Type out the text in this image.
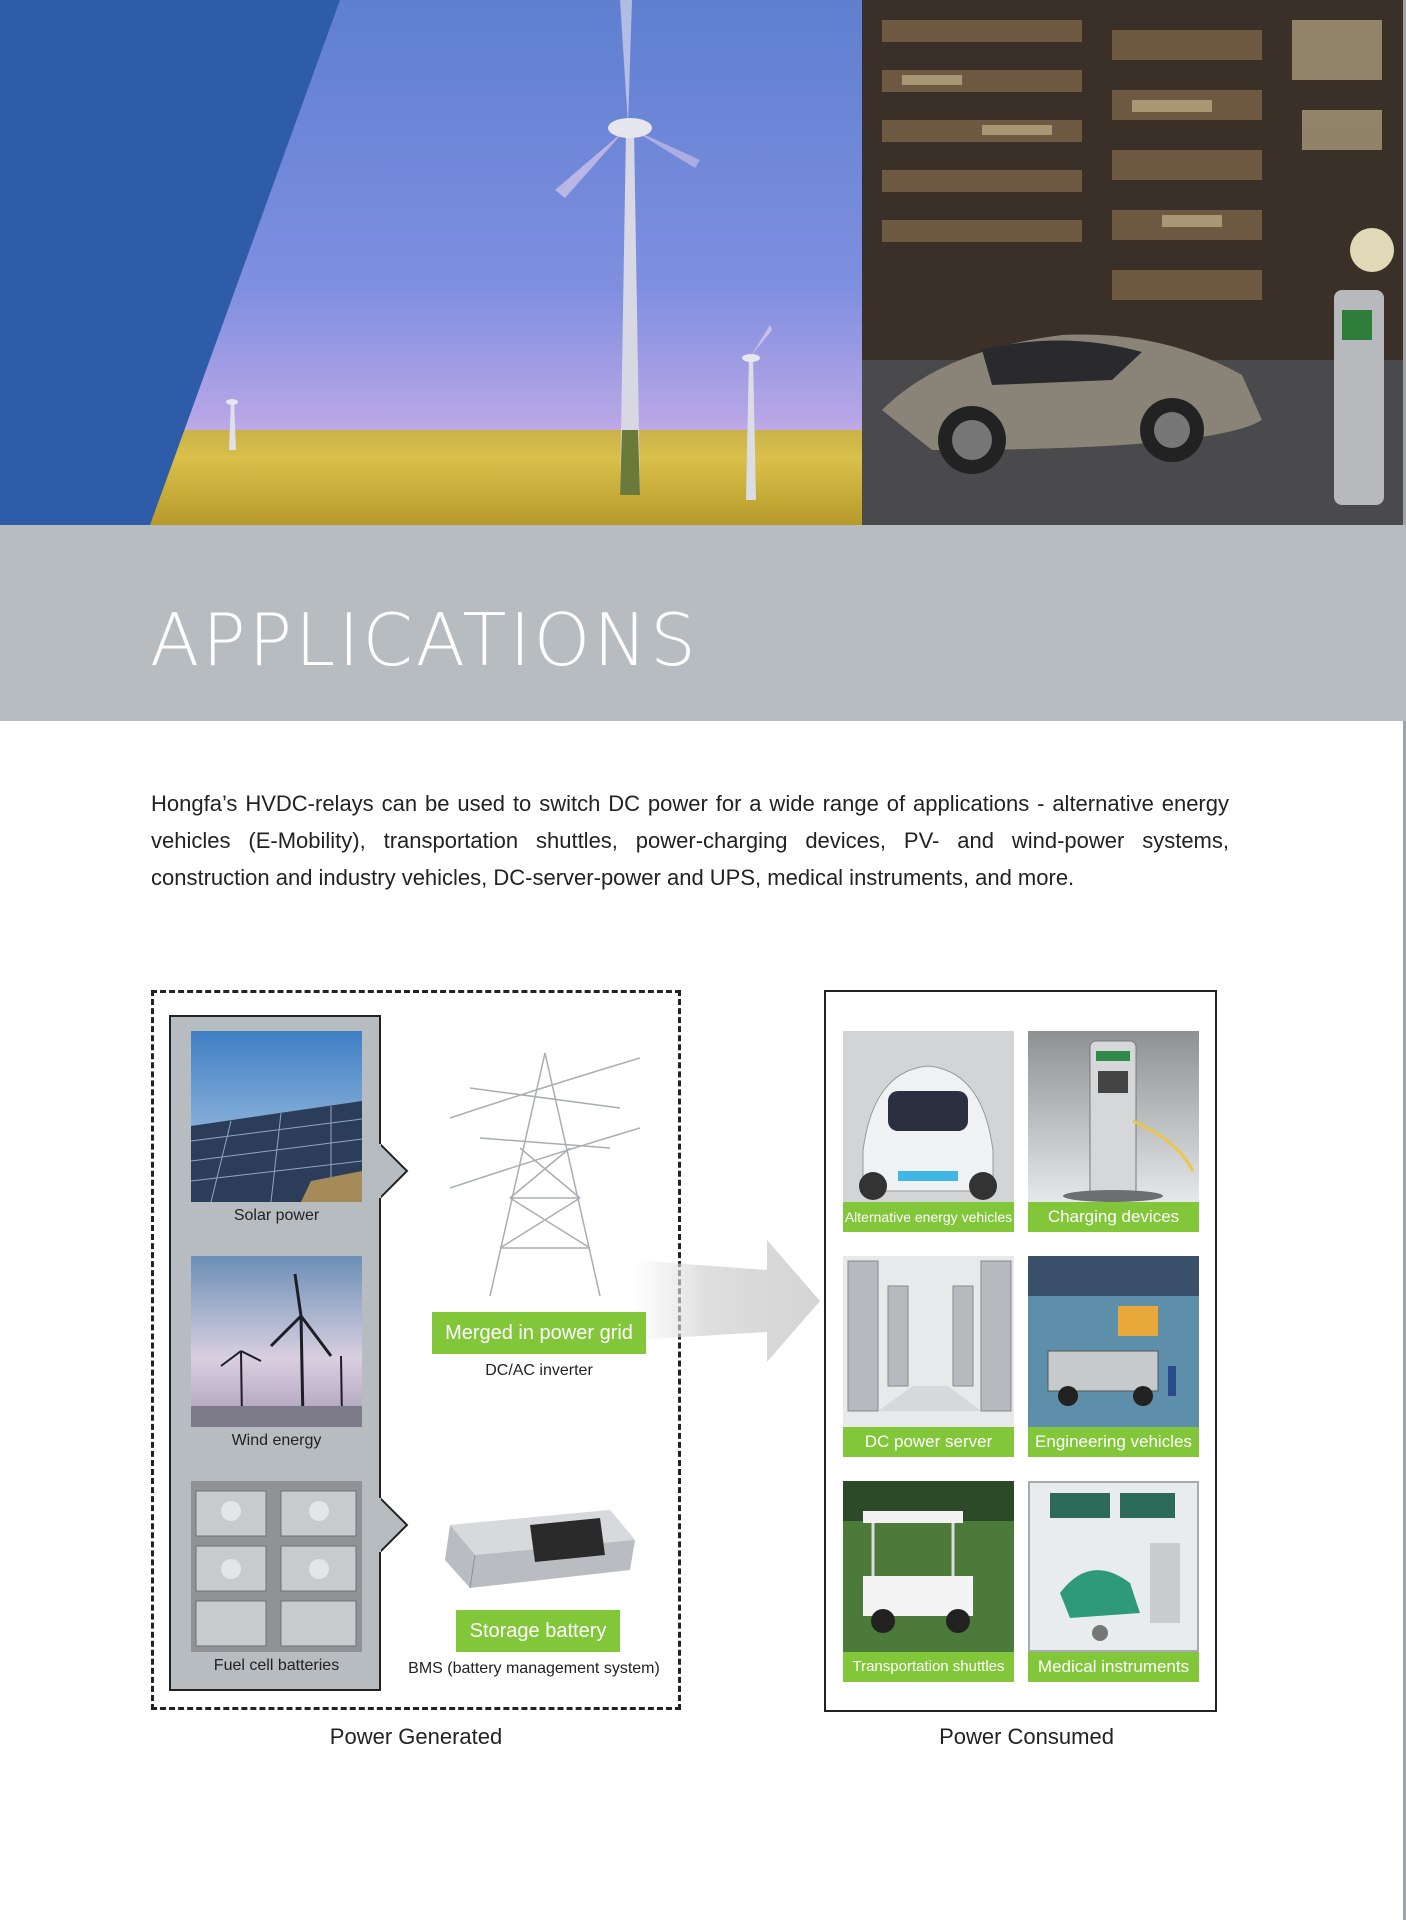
APPLICATIONS

Hongfa’s HVDC-relays can be used to switch DC power for a wide range of applications - alternative energy vehicles (E-Mobility), transportation shuttles, power-charging devices, PV- and wind-power systems, construction and industry vehicles, DC-server-power and UPS, medical instruments, and more.

Solar power
Wind energy
Fuel cell batteries
Merged in power grid
DC/AC inverter
Storage battery
BMS (battery management system)
Power Generated
Alternative energy vehicles	Charging devices
DC power server	Engineering vehicles
Transportation shuttles	Medical instruments
Power Consumed
